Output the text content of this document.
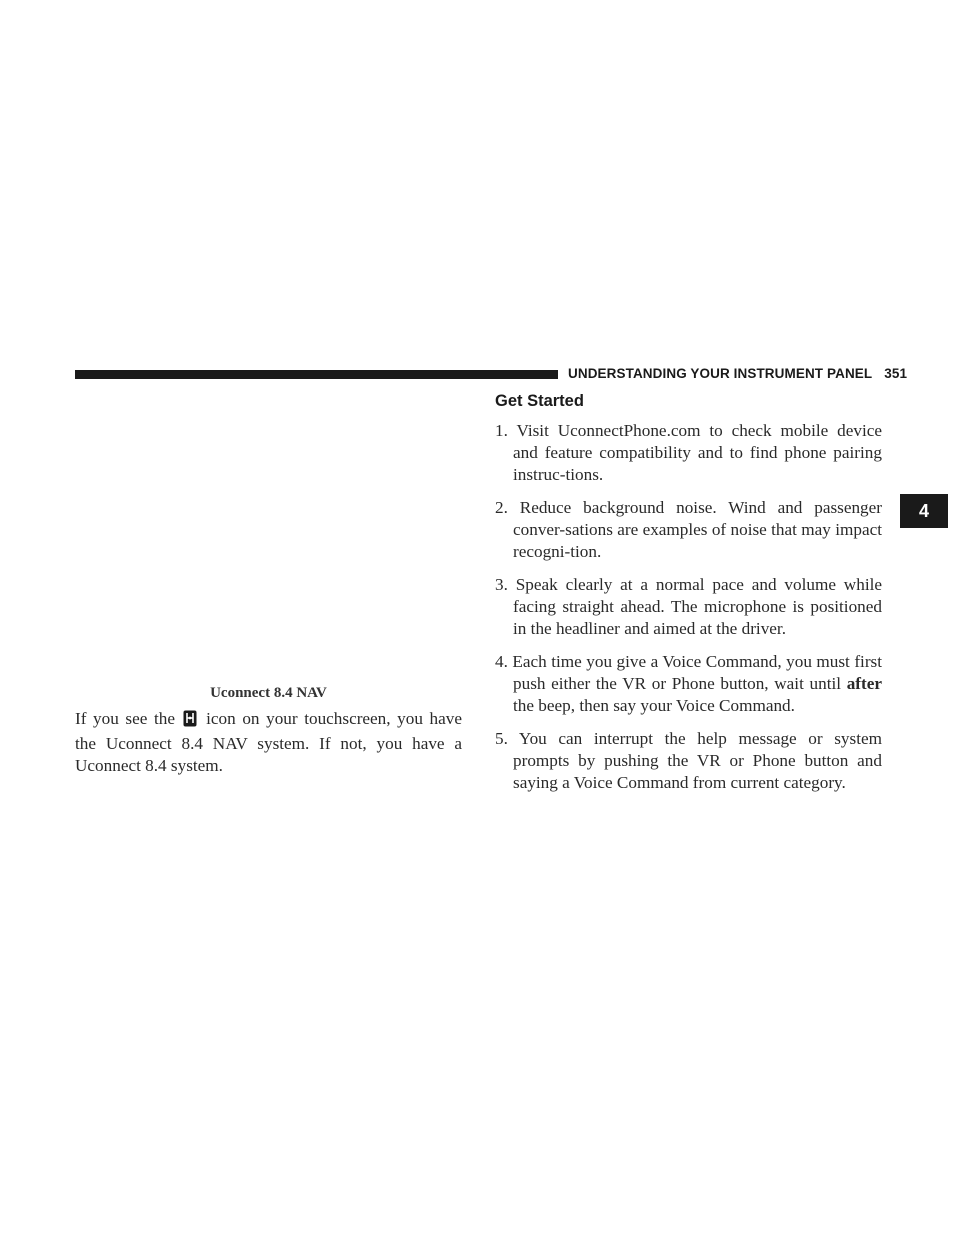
UNDERSTANDING YOUR INSTRUMENT PANEL 351
4
Uconnect 8.4 NAV
If you see the icon on your touchscreen, you have the Uconnect 8.4 NAV system. If not, you have a Uconnect 8.4 system.
Get Started
1. Visit UconnectPhone.com to check mobile device and feature compatibility and to find phone pairing instruc-tions.
2. Reduce background noise. Wind and passenger conver-sations are examples of noise that may impact recogni-tion.
3. Speak clearly at a normal pace and volume while facing straight ahead. The microphone is positioned in the headliner and aimed at the driver.
4. Each time you give a Voice Command, you must first push either the VR or Phone button, wait until after the beep, then say your Voice Command.
5. You can interrupt the help message or system prompts by pushing the VR or Phone button and saying a Voice Command from current category.
